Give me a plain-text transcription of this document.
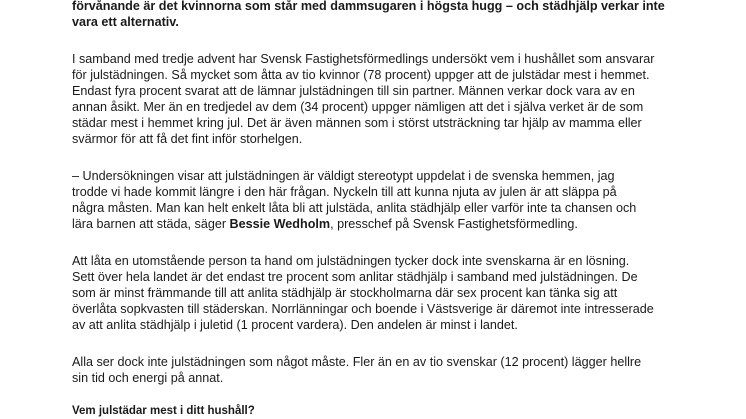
förvånande är det kvinnorna som står med dammsugaren i högsta hugg – och städhjälp verkar inte
vara ett alternativ.
I samband med tredje advent har Svensk Fastighetsförmedlings undersökt vem i hushållet som ansvarar
för julstädningen. Så mycket som åtta av tio kvinnor (78 procent) uppger att de julstädar mest i hemmet.
Endast fyra procent svarat att de lämnar julstädningen till sin partner. Männen verkar dock vara av en
annan åsikt. Mer än en tredjedel av dem (34 procent) uppger nämligen att det i själva verket är de som
städar mest i hemmet kring jul. Det är även männen som i störst utsträckning tar hjälp av mamma eller
svärmor för att få det fint inför storhelgen.
– Undersökningen visar att julstädningen är väldigt stereotypt uppdelat i de svenska hemmen, jag
trodde vi hade kommit längre i den här frågan. Nyckeln till att kunna njuta av julen är att släppa på
några måsten. Man kan helt enkelt låta bli att julstäda, anlita städhjälp eller varför inte ta chansen och
lära barnen att städa, säger Bessie Wedholm, presschef på Svensk Fastighetsförmedling.
Att låta en utomstående person ta hand om julstädningen tycker dock inte svenskarna är en lösning.
Sett över hela landet är det endast tre procent som anlitar städhjälp i samband med julstädningen. De
som är minst främmande till att anlita städhjälp är stockholmarna där sex procent kan tänka sig att
överlåta sopkvasten till städerskan. Norrlänningar och boende i Västsverige är däremot inte intresserade
av att anlita städhjälp i juletid (1 procent vardera). Den andelen är minst i landet.
Alla ser dock inte julstädningen som något måste. Fler än en av tio svenskar (12 procent) lägger hellre
sin tid och energi på annat.
Vem julstädar mest i ditt hushåll?
